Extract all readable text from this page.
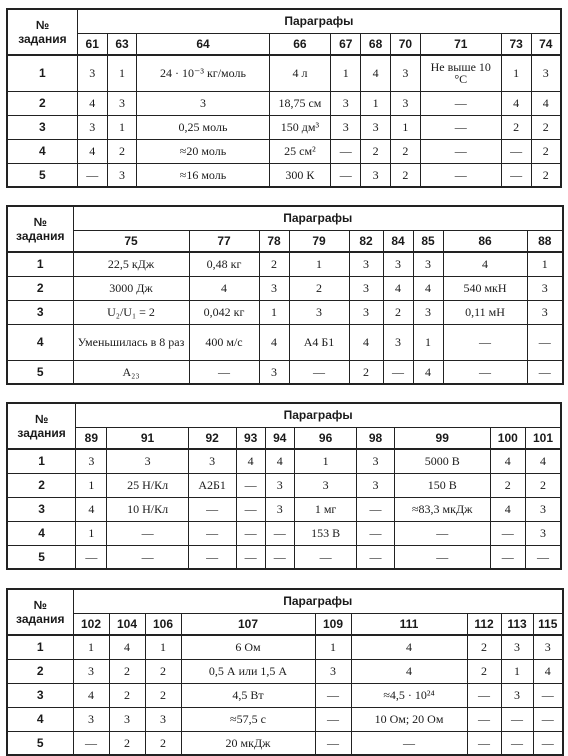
№ задания	Параграфы									
	61	63	64	66	67	68	70	71	73	74
1	3	1	24 · 10⁻³ кг/моль	4 л	1	4	3	Не выше 10 °С	1	3
2	4	3	3	18,75 см	3	1	3	—	4	4
3	3	1	0,25 моль	150 дм³	3	3	1	—	2	2
4	4	2	≈20 моль	25 см²	—	2	2	—	—	2
5	—	3	≈16 моль	300 К	—	3	2	—	—	2
№ задания	Параграфы								
	75	77	78	79	82	84	85	86	88
1	22,5 кДж	0,48 кг	2	1	3	3	3	4	1
2	3000 Дж	4	3	2	3	4	4	540 мкН	3
3	U₂/U₁ = 2	0,042 кг	1	3	3	2	3	0,11 мН	3
4	Уменьшилась в 8 раз	400 м/с	4	А4 Б1	4	3	1	—	—
5	A₂₃	—	3	—	2	—	4	—	—
№ задания	Параграфы									
	89	91	92	93	94	96	98	99	100	101
1	3	3	3	4	4	1	3	5000 В	4	4
2	1	25 Н/Кл	А2Б1	—	3	3	3	150 В	2	2
3	4	10 Н/Кл	—	—	3	1 мг	—	≈83,3 мкДж	4	3
4	1	—	—	—	—	153 В	—	—	—	3
5	—	—	—	—	—	—	—	—	—	—
№ задания	Параграфы								
	102	104	106	107	109	111	112	113	115
1	1	4	1	6 Ом	1	4	2	3	3
2	3	2	2	0,5 А или 1,5 А	3	4	2	1	4
3	4	2	2	4,5 Вт	—	≈4,5 · 10²⁴	—	3	—
4	3	3	3	≈57,5 с	—	10 Ом; 20 Ом	—	—	—
5	—	2	2	20 мкДж	—	—	—	—	—
